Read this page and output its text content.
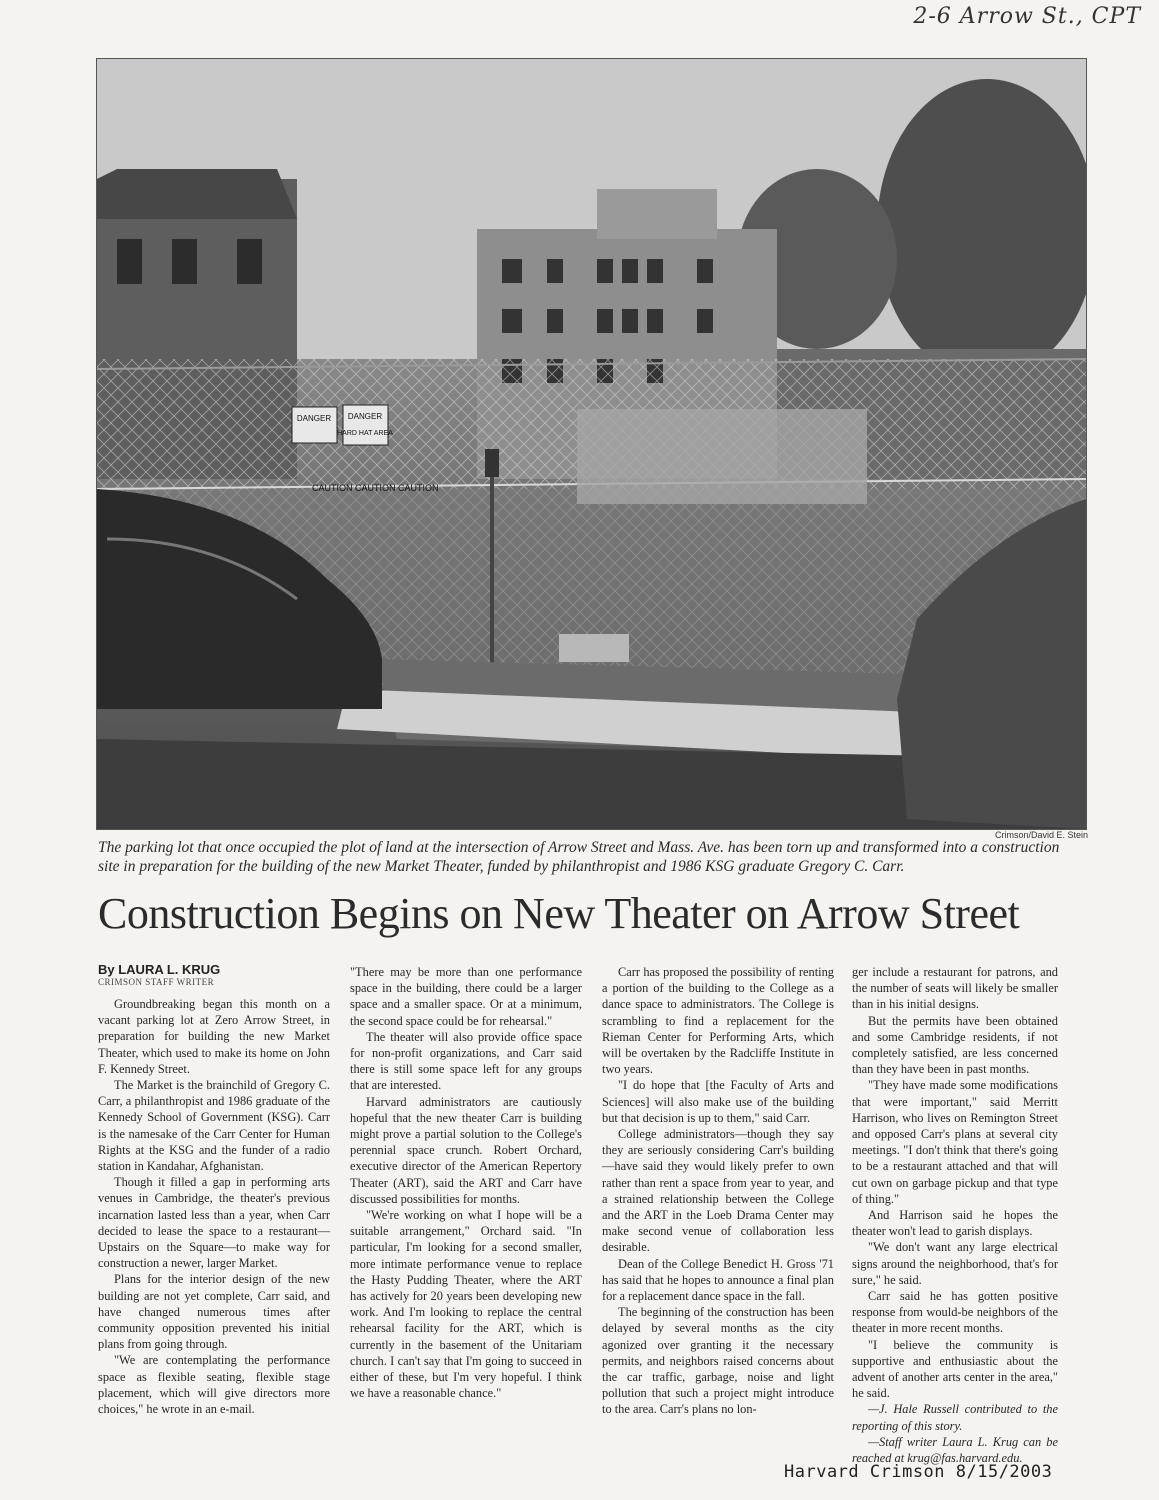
2-6 Arrow St., CPT
DANGER DANGER
HARD HAT AREA
CAUTION CAUTION CAUTION
Crimson/David E. Stein
The parking lot that once occupied the plot of land at the intersection of Arrow Street and Mass. Ave. has been torn up and transformed into a construction site in preparation for the building of the new Market Theater, funded by philanthropist and 1986 KSG graduate Gregory C. Carr.
Construction Begins on New Theater on Arrow Street
By LAURA L. KRUG
CRIMSON STAFF WRITER

Groundbreaking began this month on a vacant parking lot at Zero Arrow Street, in preparation for building the new Market Theater, which used to make its home on John F. Kennedy Street.

The Market is the brainchild of Gregory C. Carr, a philanthropist and 1986 graduate of the Kennedy School of Government (KSG). Carr is the namesake of the Carr Center for Human Rights at the KSG and the funder of a radio station in Kandahar, Afghanistan.

Though it filled a gap in performing arts venues in Cambridge, the theater's previous incarnation lasted less than a year, when Carr decided to lease the space to a restaurant—Upstairs on the Square—to make way for construction a newer, larger Market.

Plans for the interior design of the new building are not yet complete, Carr said, and have changed numerous times after community opposition prevented his initial plans from going through.

"We are contemplating the performance space as flexible seating, flexible stage placement, which will give directors more choices," he wrote in an e-mail.

"There may be more than one performance space in the building, there could be a larger space and a smaller space. Or at a minimum, the second space could be for rehearsal."

The theater will also provide office space for non-profit organizations, and Carr said there is still some space left for any groups that are interested.

Harvard administrators are cautiously hopeful that the new theater Carr is building might prove a partial solution to the College's perennial space crunch. Robert Orchard, executive director of the American Repertory Theater (ART), said the ART and Carr have discussed possibilities for months.

"We're working on what I hope will be a suitable arrangement," Orchard said. "In particular, I'm looking for a second smaller, more intimate performance venue to replace the Hasty Pudding Theater, where the ART has actively for 20 years been developing new work. And I'm looking to replace the central rehearsal facility for the ART, which is currently in the basement of the Unitariam church. I can't say that I'm going to succeed in either of these, but I'm very hopeful. I think we have a reasonable chance."

Carr has proposed the possibility of renting a portion of the building to the College as a dance space to administrators. The College is scrambling to find a replacement for the Rieman Center for Performing Arts, which will be overtaken by the Radcliffe Institute in two years.

"I do hope that [the Faculty of Arts and Sciences] will also make use of the building but that decision is up to them," said Carr.

College administrators—though they say they are seriously considering Carr's building—have said they would likely prefer to own rather than rent a space from year to year, and a strained relationship between the College and the ART in the Loeb Drama Center may make second venue of collaboration less desirable.

Dean of the College Benedict H. Gross '71 has said that he hopes to announce a final plan for a replacement dance space in the fall.

The beginning of the construction has been delayed by several months as the city agonized over granting it the necessary permits, and neighbors raised concerns about the car traffic, garbage, noise and light pollution that such a project might introduce to the area. Carr's plans no lon-

ger include a restaurant for patrons, and the number of seats will likely be smaller than in his initial designs.

But the permits have been obtained and some Cambridge residents, if not completely satisfied, are less concerned than they have been in past months.

"They have made some modifications that were important," said Merritt Harrison, who lives on Remington Street and opposed Carr's plans at several city meetings. "I don't think that there's going to be a restaurant attached and that will cut own on garbage pickup and that type of thing."

And Harrison said he hopes the theater won't lead to garish displays.

"We don't want any large electrical signs around the neighborhood, that's for sure," he said.

Carr said he has gotten positive response from would-be neighbors of the theater in more recent months.

"I believe the community is supportive and enthusiastic about the advent of another arts center in the area," he said.

—J. Hale Russell contributed to the reporting of this story.

—Staff writer Laura L. Krug can be reached at krug@fas.harvard.edu.

Harvard Crimson 8/15/2003
